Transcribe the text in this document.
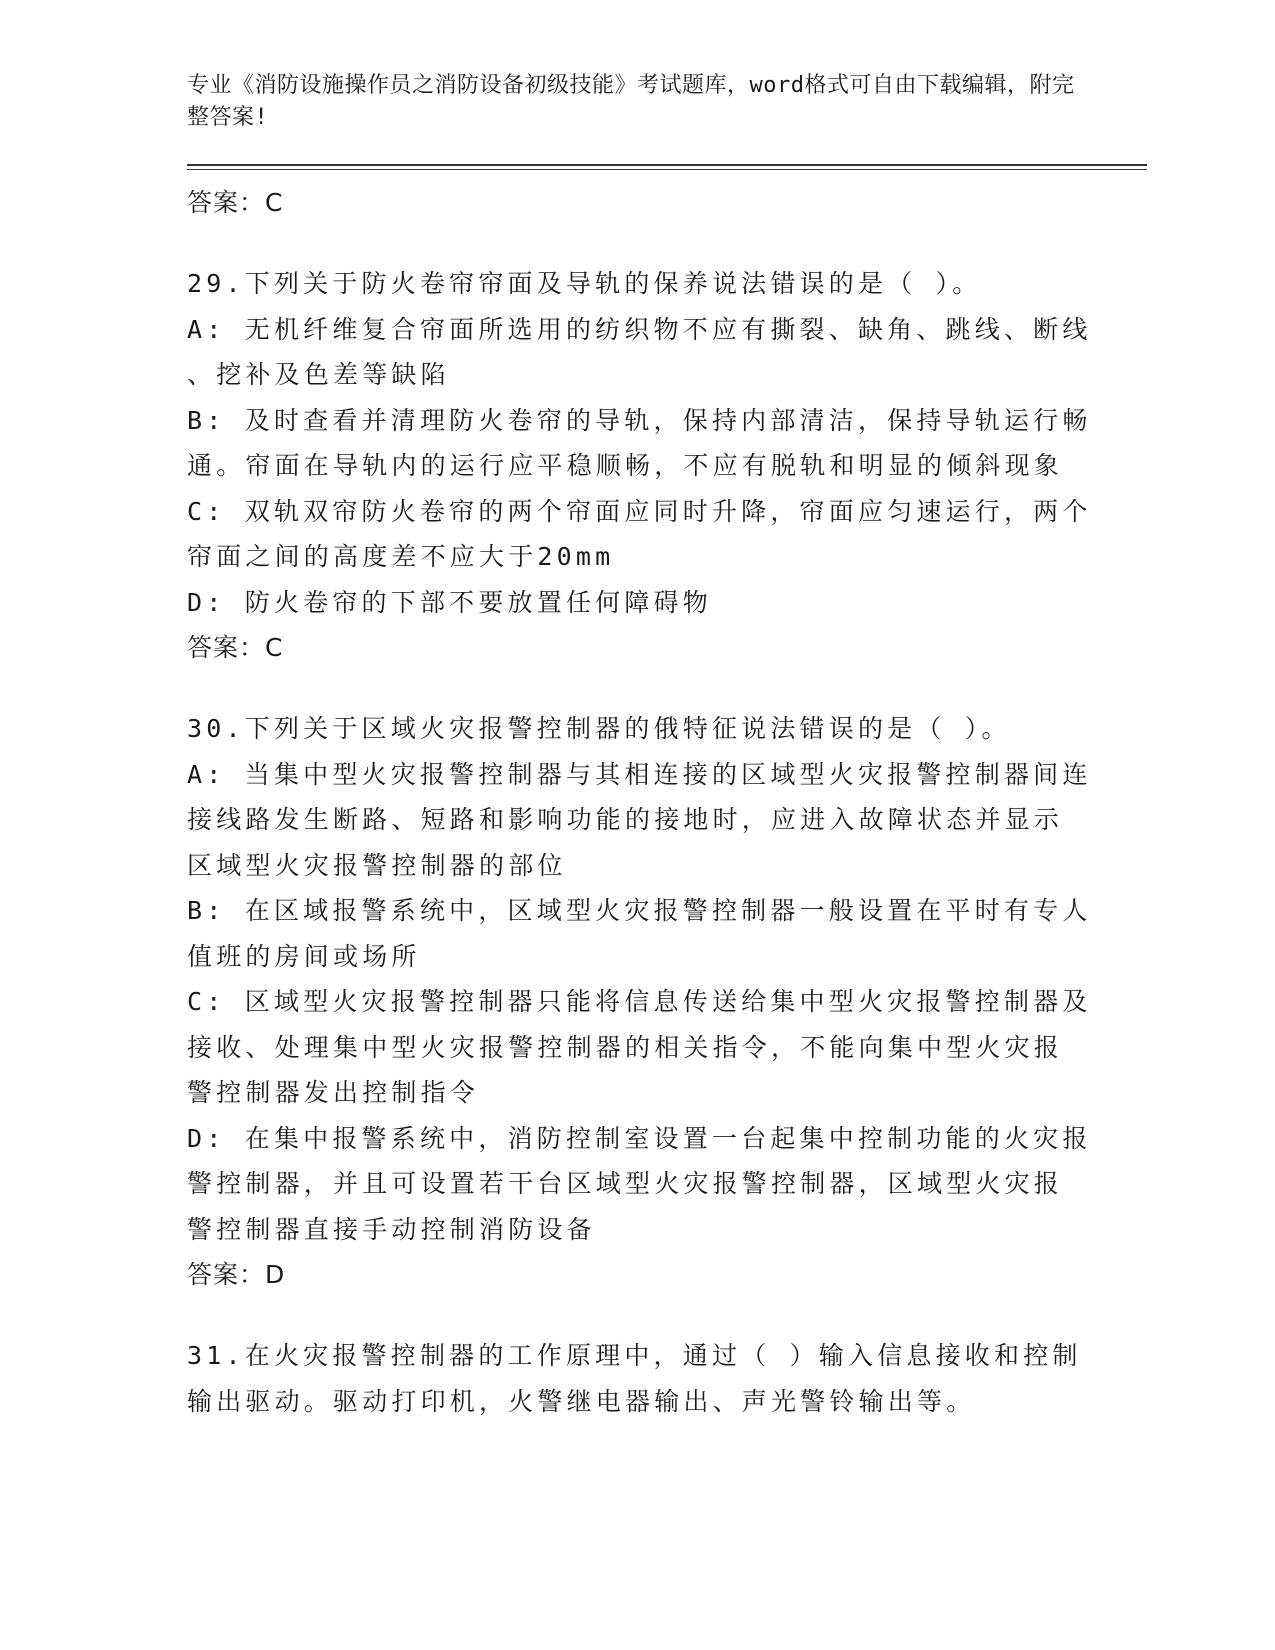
专业《消防设施操作员之消防设备初级技能》考试题库，word格式可自由下载编辑，附完整答案!
答案：C
29.下列关于防火卷帘帘面及导轨的保养说法错误的是（ ）。
A: 无机纤维复合帘面所选用的纺织物不应有撕裂、缺角、跳线、断线
、挖补及色差等缺陷
B: 及时查看并清理防火卷帘的导轨，保持内部清洁，保持导轨运行畅
通。帘面在导轨内的运行应平稳顺畅，不应有脱轨和明显的倾斜现象
C: 双轨双帘防火卷帘的两个帘面应同时升降，帘面应匀速运行，两个
帘面之间的高度差不应大于20mm
D: 防火卷帘的下部不要放置任何障碍物
答案：C
30.下列关于区域火灾报警控制器的俄特征说法错误的是（ ）。
A: 当集中型火灾报警控制器与其相连接的区域型火灾报警控制器间连
接线路发生断路、短路和影响功能的接地时，应进入故障状态并显示
区域型火灾报警控制器的部位
B: 在区域报警系统中，区域型火灾报警控制器一般设置在平时有专人
值班的房间或场所
C: 区域型火灾报警控制器只能将信息传送给集中型火灾报警控制器及
接收、处理集中型火灾报警控制器的相关指令，不能向集中型火灾报
警控制器发出控制指令
D: 在集中报警系统中，消防控制室设置一台起集中控制功能的火灾报
警控制器，并且可设置若干台区域型火灾报警控制器，区域型火灾报
警控制器直接手动控制消防设备
答案：D
31.在火灾报警控制器的工作原理中，通过（ ）输入信息接收和控制
输出驱动。驱动打印机，火警继电器输出、声光警铃输出等。
